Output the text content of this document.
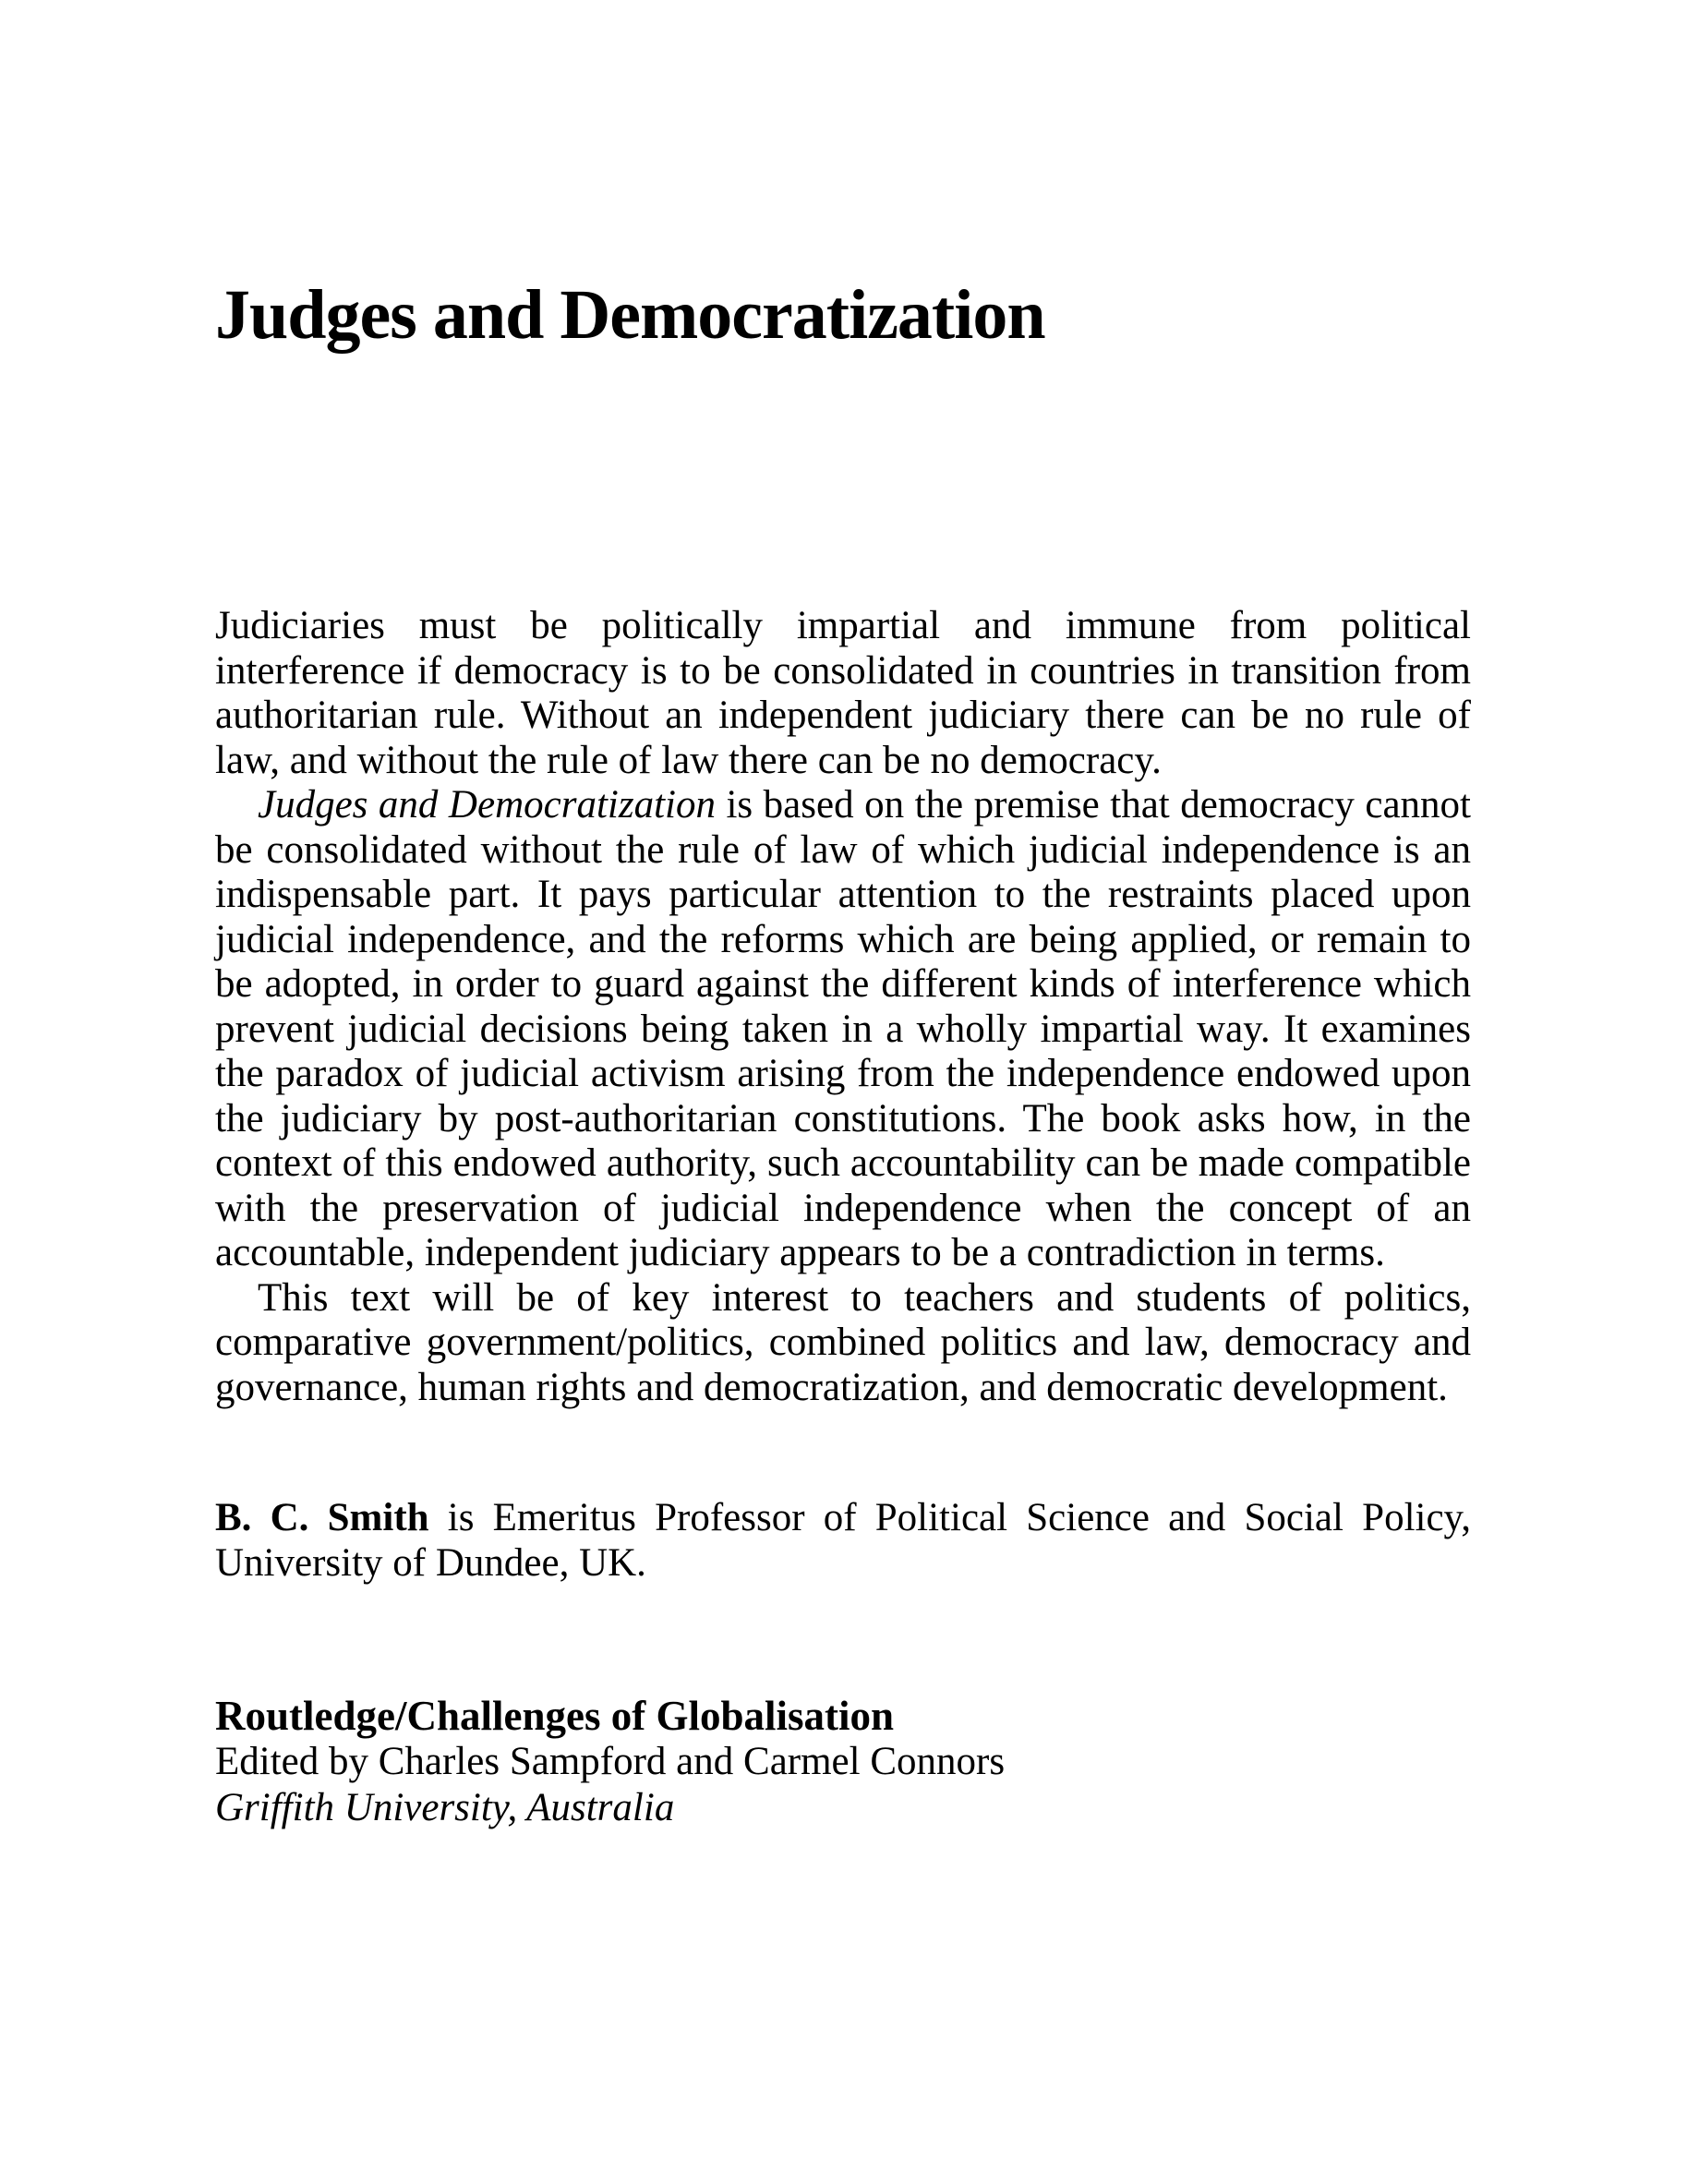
Judges and Democratization

Judiciaries must be politically impartial and immune from political interference if democracy is to be consolidated in countries in transition from authoritarian rule. Without an independent judiciary there can be no rule of law, and without the rule of law there can be no democracy.

Judges and Democratization is based on the premise that democracy cannot be consolidated without the rule of law of which judicial independence is an indispensable part. It pays particular attention to the restraints placed upon judicial independence, and the reforms which are being applied, or remain to be adopted, in order to guard against the different kinds of interference which prevent judicial decisions being taken in a wholly impartial way. It examines the paradox of judicial activism arising from the independence endowed upon the judiciary by post-authoritarian constitutions. The book asks how, in the context of this endowed authority, such accountability can be made compatible with the preservation of judicial independence when the concept of an accountable, independent judiciary appears to be a contradiction in terms.

This text will be of key interest to teachers and students of politics, comparative government/politics, combined politics and law, democracy and governance, human rights and democratization, and democratic development.

B. C. Smith is Emeritus Professor of Political Science and Social Policy, University of Dundee, UK.

Routledge/Challenges of Globalisation

Edited by Charles Sampford and Carmel Connors

Griffith University, Australia
